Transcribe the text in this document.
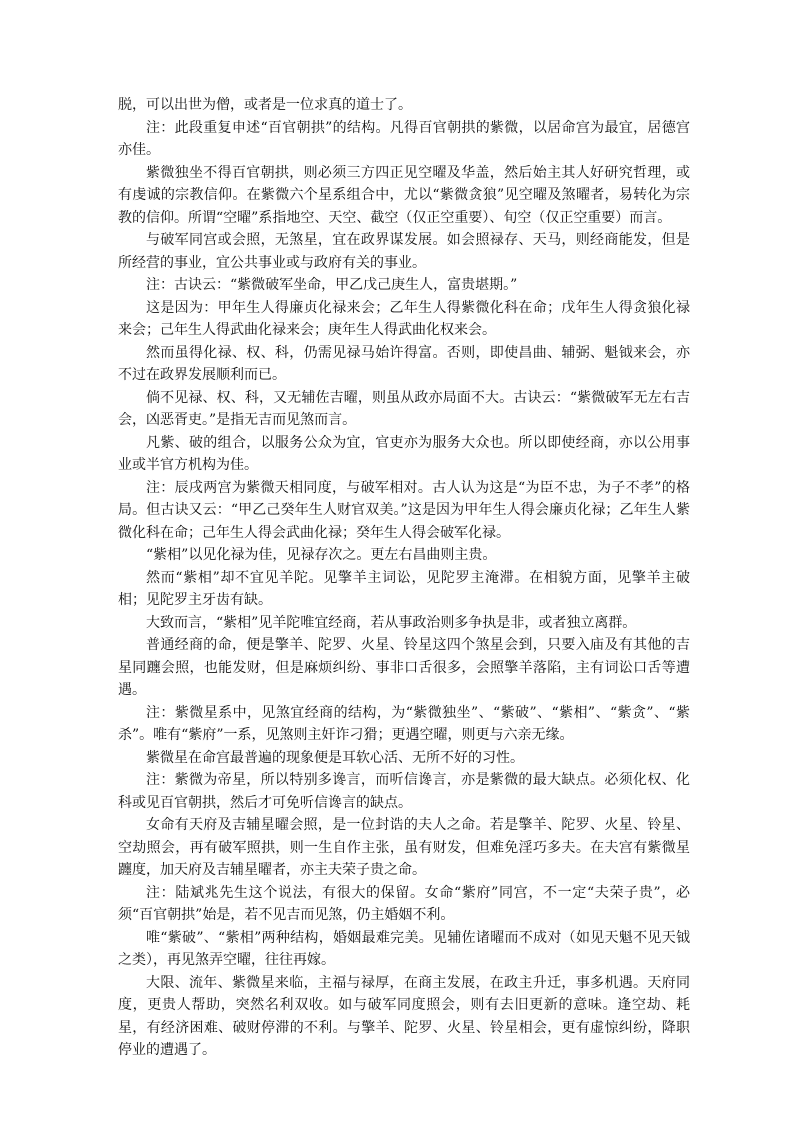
脱，可以出世为僧，或者是一位求真的道士了。

注：此段重复申述“百官朝拱”的结构。凡得百官朝拱的紫微，以居命宫为最宜，居德宫亦佳。

紫微独坐不得百官朝拱，则必须三方四正见空曜及华盖，然后始主其人好研究哲理，或有虔诚的宗教信仰。在紫微六个星系组合中，尤以“紫微贪狼”见空曜及煞曜者，易转化为宗教的信仰。所谓“空曜”系指地空、天空、截空（仅正空重要）、旬空（仅正空重要）而言。

与破军同宫或会照，无煞星，宜在政界谋发展。如会照禄存、天马，则经商能发，但是所经营的事业，宜公共事业或与政府有关的事业。

注：古诀云：“紫微破军坐命，甲乙戊己庚生人，富贵堪期。”

这是因为：甲年生人得廉贞化禄来会；乙年生人得紫微化科在命；戊年生人得贪狼化禄来会；己年生人得武曲化禄来会；庚年生人得武曲化权来会。

然而虽得化禄、权、科，仍需见禄马始许得富。否则，即使昌曲、辅弼、魁钺来会，亦不过在政界发展顺利而已。

倘不见禄、权、科，又无辅佐吉曜，则虽从政亦局面不大。古诀云：“紫微破军无左右吉会，凶恶胥吏。”是指无吉而见煞而言。

凡紫、破的组合，以服务公众为宜，官吏亦为服务大众也。所以即使经商，亦以公用事业或半官方机构为佳。

注：辰戌两宫为紫微天相同度，与破军相对。古人认为这是“为臣不忠，为子不孝”的格局。但古诀又云：“甲乙己癸年生人财官双美。”这是因为甲年生人得会廉贞化禄；乙年生人紫微化科在命；己年生人得会武曲化禄；癸年生人得会破军化禄。

“紫相”以见化禄为佳，见禄存次之。更左右昌曲则主贵。

然而“紫相”却不宜见羊陀。见擎羊主词讼，见陀罗主淹滞。在相貌方面，见擎羊主破相；见陀罗主牙齿有缺。

大致而言，“紫相”见羊陀唯宜经商，若从事政治则多争执是非，或者独立离群。

普通经商的命，便是擎羊、陀罗、火星、铃星这四个煞星会到，只要入庙及有其他的吉星同躔会照，也能发财，但是麻烦纠纷、事非口舌很多，会照擎羊落陷，主有词讼口舌等遭遇。

注：紫微星系中，见煞宜经商的结构，为“紫微独坐”、“紫破”、“紫相”、“紫贪”、“紫杀”。唯有“紫府”一系，见煞则主奸诈刁猾；更遇空曜，则更与六亲无缘。

紫微星在命宫最普遍的现象便是耳软心活、无所不好的习性。

注：紫微为帝星，所以特别多谗言，而听信谗言，亦是紫微的最大缺点。必须化权、化科或见百官朝拱，然后才可免听信谗言的缺点。

女命有天府及吉辅星曜会照，是一位封诰的夫人之命。若是擎羊、陀罗、火星、铃星、空劫照会，再有破军照拱，则一生自作主张，虽有财发，但难免淫巧多夫。在夫宫有紫微星躔度，加天府及吉辅星曜者，亦主夫荣子贵之命。

注：陆斌兆先生这个说法，有很大的保留。女命“紫府”同宫，不一定“夫荣子贵”，必须“百官朝拱”始是，若不见吉而见煞，仍主婚姻不利。

唯“紫破”、“紫相”两种结构，婚姻最难完美。见辅佐诸曜而不成对（如见天魁不见天钺之类），再见煞弄空曜，往往再嫁。

大限、流年、紫微星来临，主福与禄厚，在商主发展，在政主升迁，事多机遇。天府同度，更贵人帮助，突然名利双收。如与破军同度照会，则有去旧更新的意味。逢空劫、耗星，有经济困难、破财停滞的不利。与擎羊、陀罗、火星、铃星相会，更有虚惊纠纷，降职停业的遭遇了。
